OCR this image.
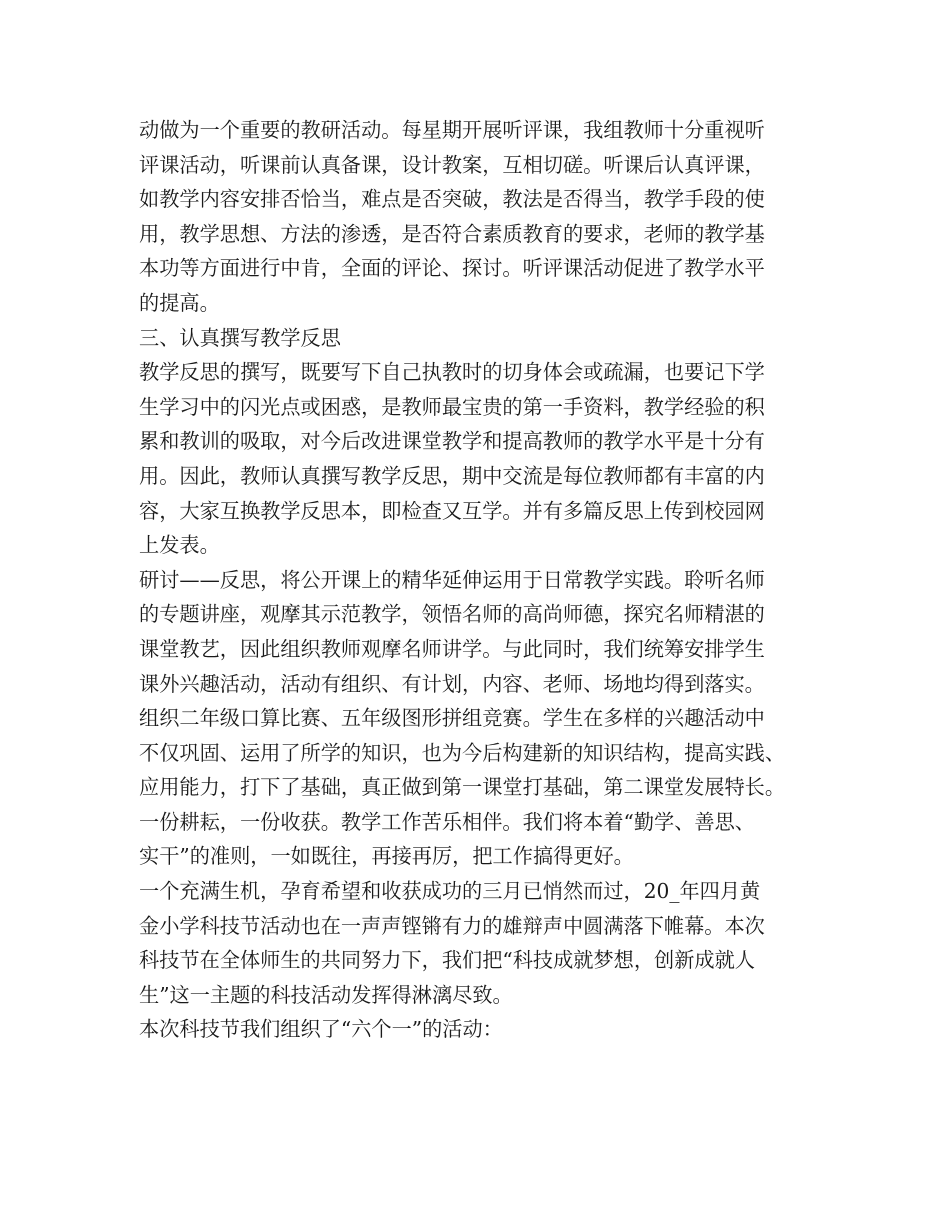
动做为一个重要的教研活动。每星期开展听评课，我组教师十分重视听
评课活动，听课前认真备课，设计教案，互相切磋。听课后认真评课，
如教学内容安排否恰当，难点是否突破，教法是否得当，教学手段的使
用，教学思想、方法的渗透，是否符合素质教育的要求，老师的教学基
本功等方面进行中肯，全面的评论、探讨。听评课活动促进了教学水平
的提高。
三、认真撰写教学反思
教学反思的撰写，既要写下自己执教时的切身体会或疏漏，也要记下学
生学习中的闪光点或困惑，是教师最宝贵的第一手资料，教学经验的积
累和教训的吸取，对今后改进课堂教学和提高教师的教学水平是十分有
用。因此，教师认真撰写教学反思，期中交流是每位教师都有丰富的内
容，大家互换教学反思本，即检查又互学。并有多篇反思上传到校园网
上发表。
研讨——反思，将公开课上的精华延伸运用于日常教学实践。聆听名师
的专题讲座，观摩其示范教学，领悟名师的高尚师德，探究名师精湛的
课堂教艺，因此组织教师观摩名师讲学。与此同时，我们统筹安排学生
课外兴趣活动，活动有组织、有计划，内容、老师、场地均得到落实。
组织二年级口算比赛、五年级图形拼组竞赛。学生在多样的兴趣活动中
不仅巩固、运用了所学的知识，也为今后构建新的知识结构，提高实践、
应用能力，打下了基础，真正做到第一课堂打基础，第二课堂发展特长。
一份耕耘，一份收获。教学工作苦乐相伴。我们将本着“勤学、善思、
实干”的准则，一如既往，再接再厉，把工作搞得更好。
一个充满生机，孕育希望和收获成功的三月已悄然而过，20_年四月黄
金小学科技节活动也在一声声铿锵有力的雄辩声中圆满落下帷幕。本次
科技节在全体师生的共同努力下，我们把“科技成就梦想，创新成就人
生”这一主题的科技活动发挥得淋漓尽致。
本次科技节我们组织了“六个一”的活动：
